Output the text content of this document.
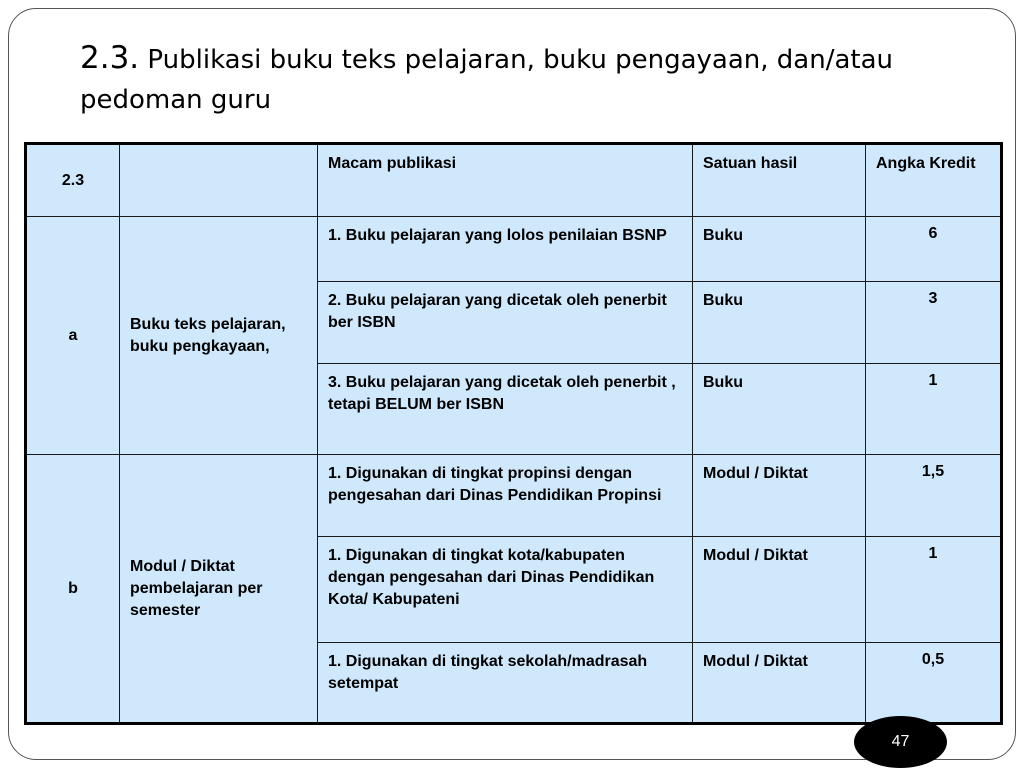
2.3. Publikasi buku teks pelajaran, buku pengayaan, dan/atau pedoman guru
2.3		Macam publikasi	Satuan hasil	Angka Kredit
a	Buku teks pelajaran, buku pengkayaan,	1. Buku pelajaran yang lolos penilaian BSNP	Buku	6
		2. Buku pelajaran yang dicetak oleh penerbit ber ISBN	Buku	3
		3. Buku pelajaran yang dicetak oleh penerbit , tetapi BELUM ber ISBN	Buku	1
b	Modul / Diktat pembelajaran per semester	1. Digunakan di tingkat propinsi dengan pengesahan dari Dinas Pendidikan Propinsi	Modul / Diktat	1,5
		1. Digunakan di tingkat kota/kabupaten dengan pengesahan dari Dinas Pendidikan Kota/ Kabupateni	Modul / Diktat	1
		1. Digunakan di tingkat sekolah/madrasah setempat	Modul / Diktat	0,5
47
